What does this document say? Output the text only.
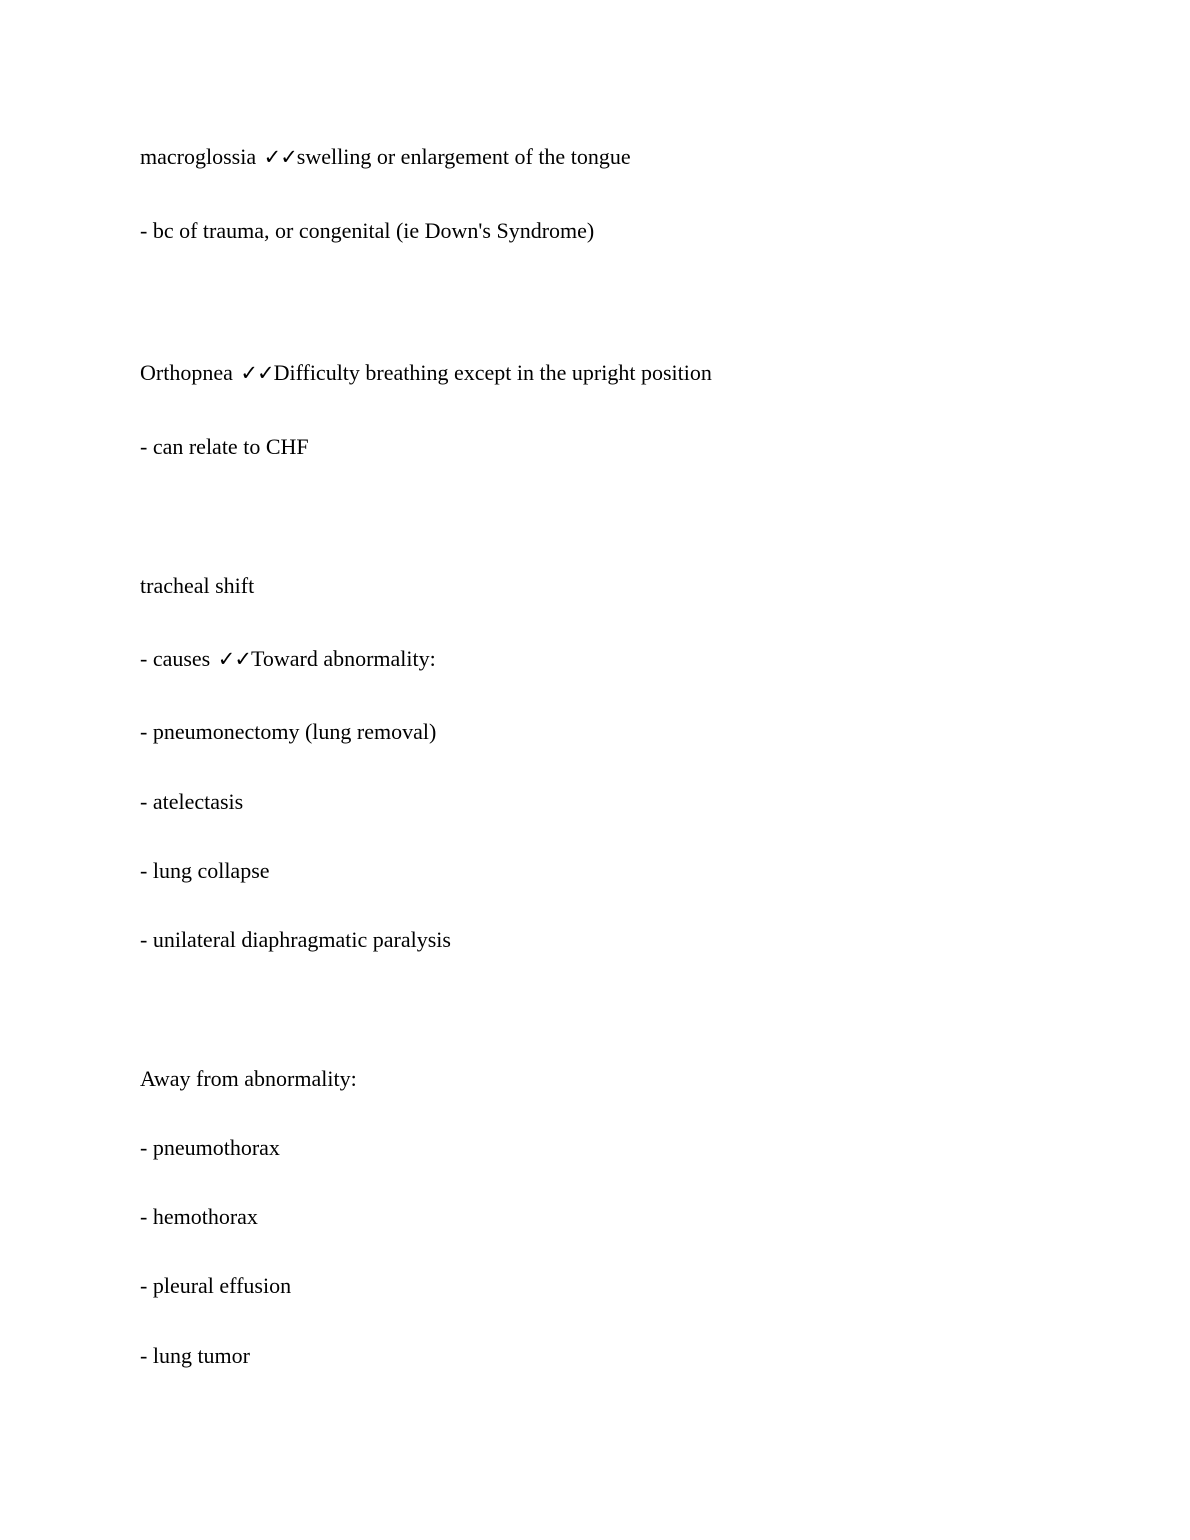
macroglossia ✓✓swelling or enlargement of the tongue
- bc of trauma, or congenital (ie Down's Syndrome)
Orthopnea ✓✓Difficulty breathing except in the upright position
- can relate to CHF
tracheal shift
- causes ✓✓Toward abnormality:
- pneumonectomy (lung removal)
- atelectasis
- lung collapse
- unilateral diaphragmatic paralysis
Away from abnormality:
- pneumothorax
- hemothorax
- pleural effusion
- lung tumor
